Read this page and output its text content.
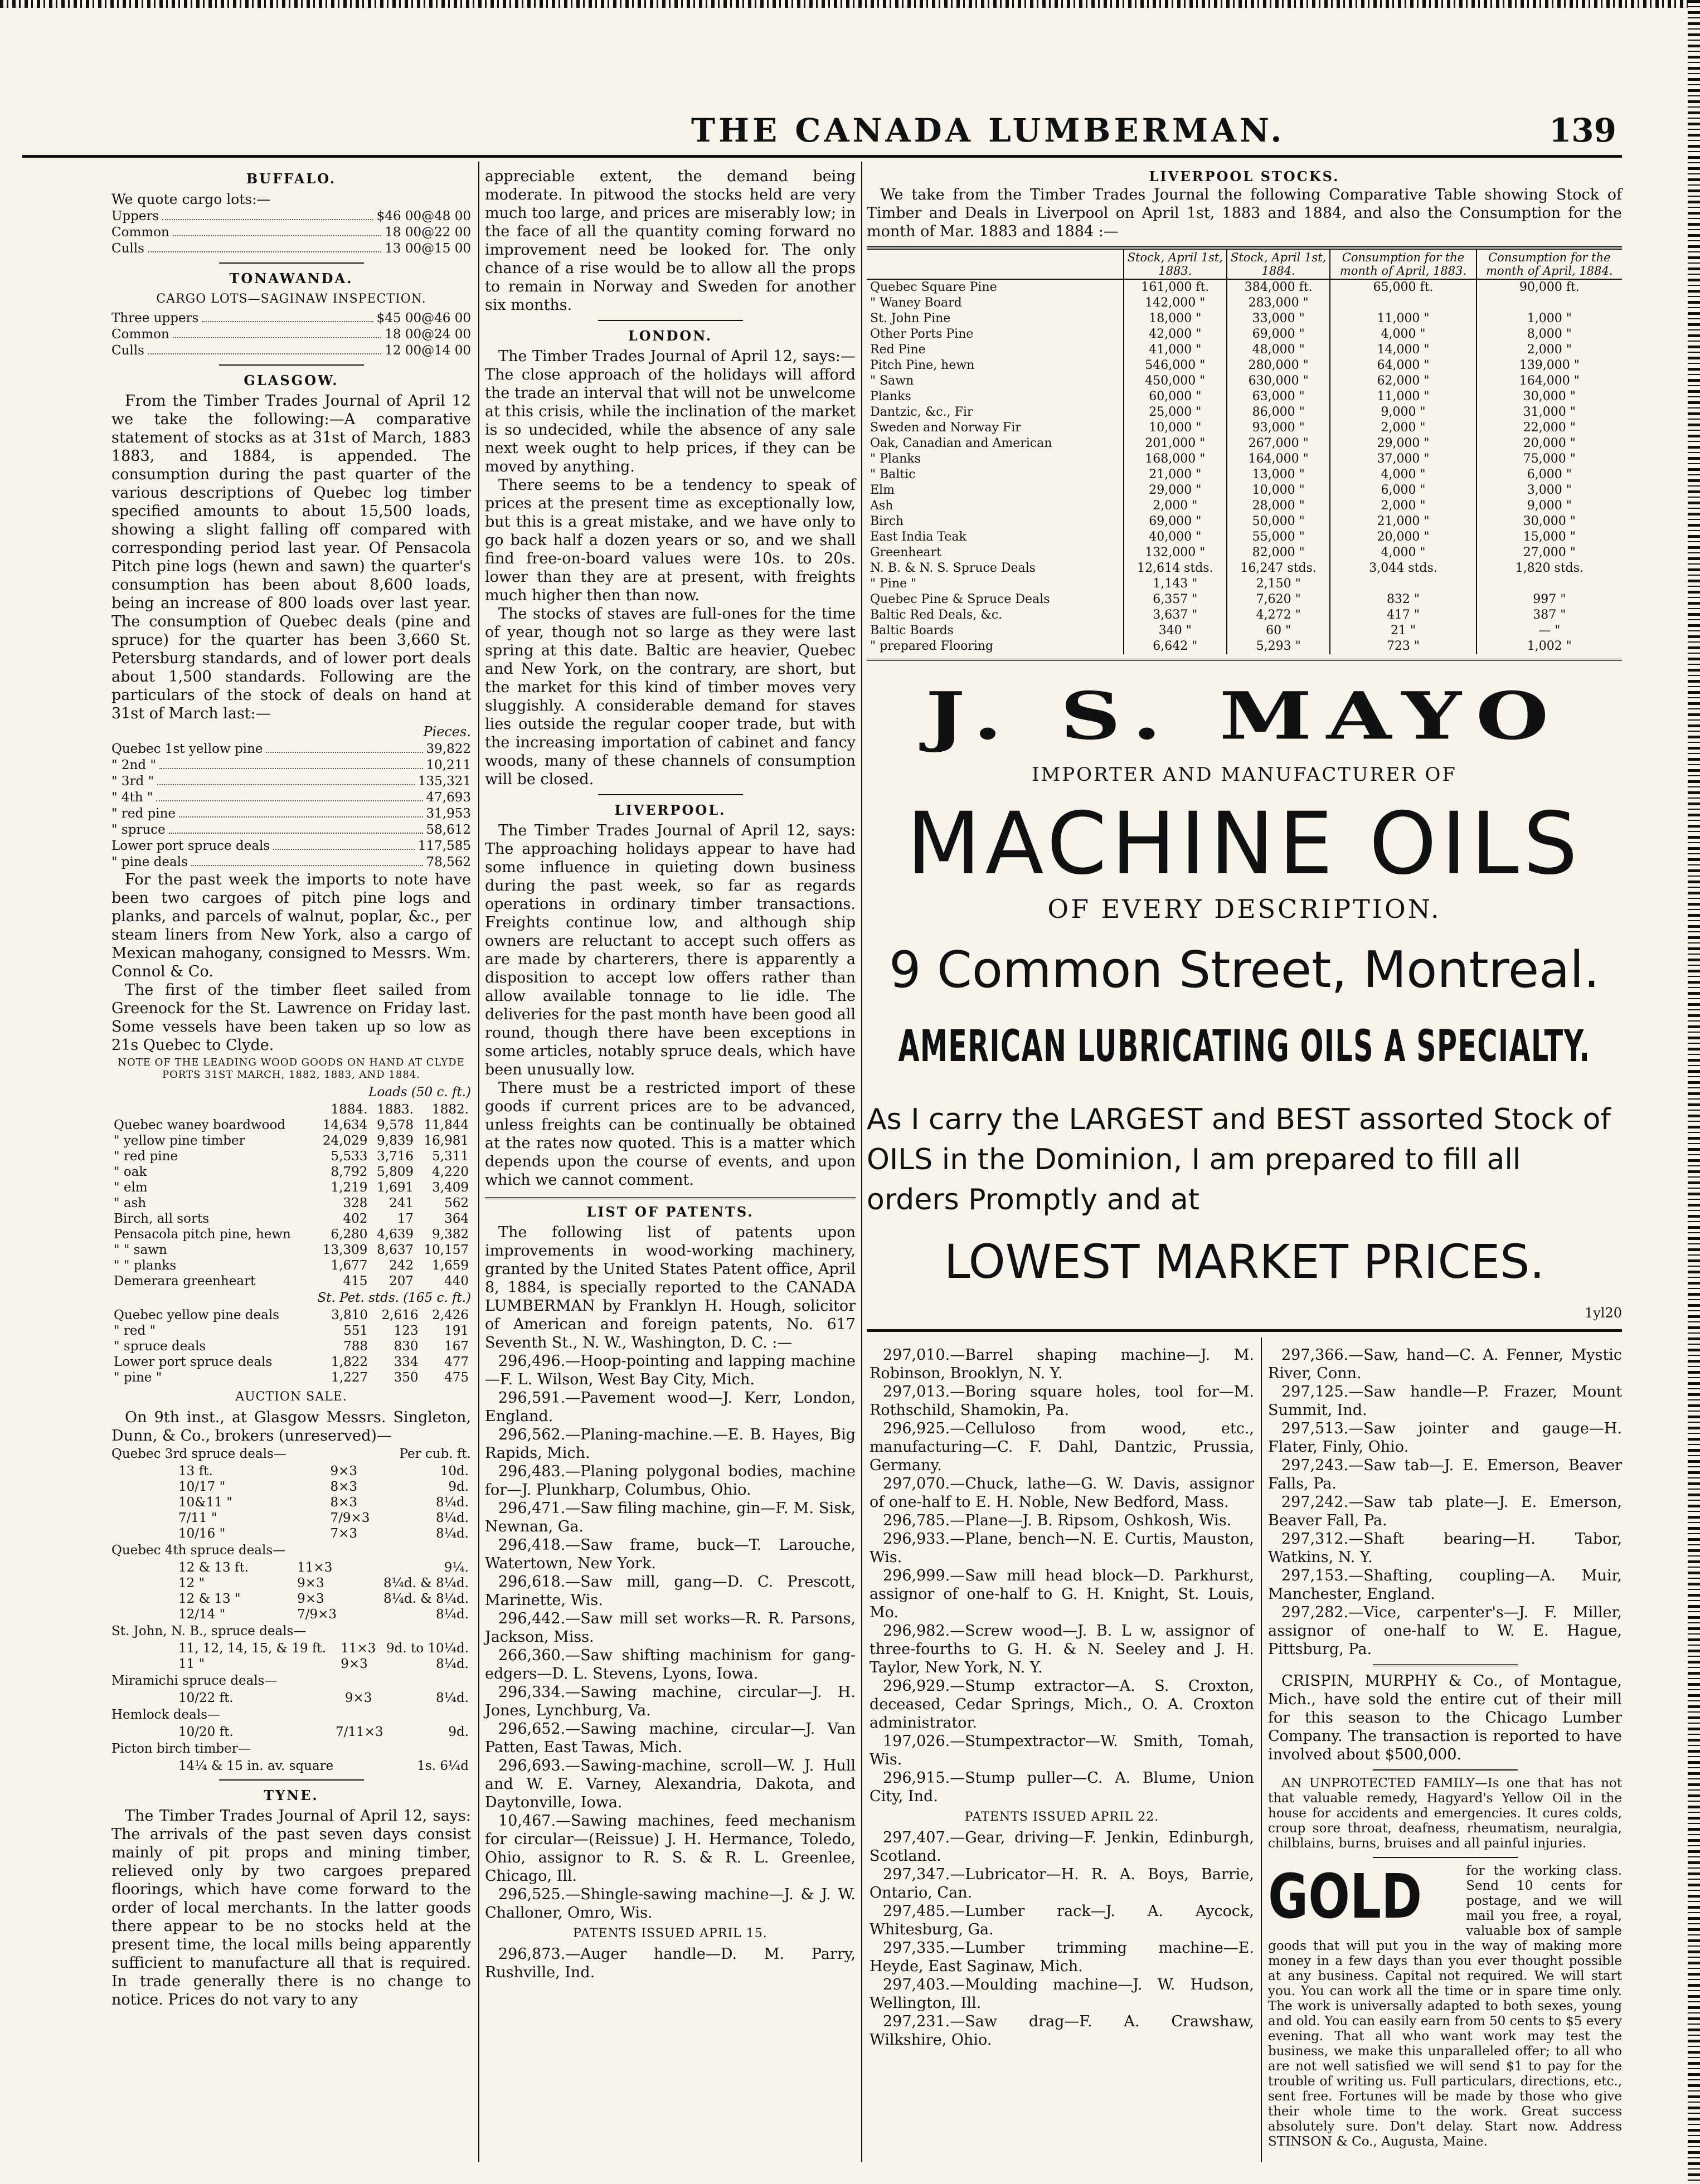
THE CANADA LUMBERMAN.	139
BUFFALO.
We quote cargo lots:—
Uppers	$46 00@48 00
Common	18 00@22 00
Culls	13 00@15 00
TONAWANDA.
CARGO LOTS—SAGINAW INSPECTION.
Three uppers	$45 00@46 00
Common	18 00@24 00
Culls	12 00@14 00
GLASGOW.

From the Timber Trades Journal of April 12 we take the following:—A comparative statement of stocks as at 31st of March, 1883 1883, and 1884, is appended. The consumption during the past quarter of the various descriptions of Quebec log timber specified amounts to about 15,500 loads, showing a slight falling off compared with corresponding period last year. Of Pensacola Pitch pine logs (hewn and sawn) the quarter's consumption has been about 8,600 loads, being an increase of 800 loads over last year. The consumption of Quebec deals (pine and spruce) for the quarter has been 3,660 St. Petersburg standards, and of lower port deals about 1,500 standards. Following are the particulars of the stock of deals on hand at 31st of March last:—

Pieces.
Quebec 1st yellow pine	39,822
" 2nd "	10,211
" 3rd "	135,321
" 4th "	47,693
" red pine	31,953
" spruce	58,612
Lower port spruce deals	117,585
" pine deals	78,562

For the past week the imports to note have been two cargoes of pitch pine logs and planks, and parcels of walnut, poplar, &c., per steam liners from New York, also a cargo of Mexican mahogany, consigned to Messrs. Wm. Connol & Co.

The first of the timber fleet sailed from Greenock for the St. Lawrence on Friday last. Some vessels have been taken up so low as 21s Quebec to Clyde.

NOTE OF THE LEADING WOOD GOODS ON HAND AT CLYDE PORTS 31ST MARCH, 1882, 1883, AND 1884.
Loads (50 c. ft.)
	1884.	1883.	1882.
Quebec waney boardwood	14,634	9,578	11,844
" yellow pine timber	24,029	9,839	16,981
" red pine	5,533	3,716	5,311
" oak	8,792	5,809	4,220
" elm	1,219	1,691	3,409
" ash	328	241	562
Birch, all sorts	402	17	364
Pensacola pitch pine, hewn	6,280	4,639	9,382
" " sawn	13,309	8,637	10,157
" " planks	1,677	242	1,659
Demerara greenheart	415	207	440
St. Pet. stds. (165 c. ft.)
Quebec yellow pine deals	3,810	2,616	2,426
" red "	551	123	191
" spruce deals	788	830	167
Lower port spruce deals	1,822	334	477
" pine "	1,227	350	475
AUCTION SALE.

On 9th inst., at Glasgow Messrs. Singleton, Dunn, & Co., brokers (unreserved)—

Quebec 3rd spruce deals—	Per cub. ft.
13 ft.	9×3	10d.
10/17 "	8×3	9d.
10&11 "	8×3	8¼d.
7/11 "	7/9×3	8¼d.
10/16 "	7×3	8¼d.
Quebec 4th spruce deals—
12 & 13 ft.	11×3	9¼.
12 "	9×3	8¼d. & 8¼d.
12 & 13 "	9×3	8¼d. & 8¼d.
12/14 "	7/9×3	8¼d.
St. John, N. B., spruce deals—
11, 12, 14, 15, & 19 ft.	11×3	9d. to 10¼d.
11 "	9×3	8¼d.
Miramichi spruce deals—
10/22 ft.	9×3	8¼d.
Hemlock deals—
10/20 ft.	7/11×3	9d.
Picton birch timber—
14¼ & 15 in. av. square		1s. 6¼d
TYNE.

The Timber Trades Journal of April 12, says: The arrivals of the past seven days consist mainly of pit props and mining timber, relieved only by two cargoes prepared floorings, which have come forward to the order of local merchants. In the latter goods there appear to be no stocks held at the present time, the local mills being apparently sufficient to manufacture all that is required. In trade generally there is no change to notice. Prices do not vary to any

appreciable extent, the demand being moderate. In pitwood the stocks held are very much too large, and prices are miserably low; in the face of all the quantity coming forward no improvement need be looked for. The only chance of a rise would be to allow all the props to remain in Norway and Sweden for another six months.

LONDON.

The Timber Trades Journal of April 12, says:—The close approach of the holidays will afford the trade an interval that will not be unwelcome at this crisis, while the inclination of the market is so undecided, while the absence of any sale next week ought to help prices, if they can be moved by anything.

There seems to be a tendency to speak of prices at the present time as exceptionally low, but this is a great mistake, and we have only to go back half a dozen years or so, and we shall find free-on-board values were 10s. to 20s. lower than they are at present, with freights much higher then than now.

The stocks of staves are full-ones for the time of year, though not so large as they were last spring at this date. Baltic are heavier, Quebec and New York, on the contrary, are short, but the market for this kind of timber moves very sluggishly. A considerable demand for staves lies outside the regular cooper trade, but with the increasing importation of cabinet and fancy woods, many of these channels of consumption will be closed.

LIVERPOOL.

The Timber Trades Journal of April 12, says: The approaching holidays appear to have had some influence in quieting down business during the past week, so far as regards operations in ordinary timber transactions. Freights continue low, and although ship owners are reluctant to accept such offers as are made by charterers, there is apparently a disposition to accept low offers rather than allow available tonnage to lie idle. The deliveries for the past month have been good all round, though there have been exceptions in some articles, notably spruce deals, which have been unusually low.

There must be a restricted import of these goods if current prices are to be advanced, unless freights can be continually be obtained at the rates now quoted. This is a matter which depends upon the course of events, and upon which we cannot comment.

LIST OF PATENTS.

The following list of patents upon improvements in wood-working machinery, granted by the United States Patent office, April 8, 1884, is specially reported to the CANADA LUMBERMAN by Franklyn H. Hough, solicitor of American and foreign patents, No. 617 Seventh St., N. W., Washington, D. C. :—

296,496.—Hoop-pointing and lapping machine—F. L. Wilson, West Bay City, Mich.

296,591.—Pavement wood—J. Kerr, London, England.

296,562.—Planing-machine.—E. B. Hayes, Big Rapids, Mich.

296,483.—Planing polygonal bodies, machine for—J. Plunkharp, Columbus, Ohio.

296,471.—Saw filing machine, gin—F. M. Sisk, Newnan, Ga.

296,418.—Saw frame, buck—T. Larouche, Watertown, New York.

296,618.—Saw mill, gang—D. C. Prescott, Marinette, Wis.

296,442.—Saw mill set works—R. R. Parsons, Jackson, Miss.

266,360.—Saw shifting machinism for gang-edgers—D. L. Stevens, Lyons, Iowa.

296,334.—Sawing machine, circular—J. H. Jones, Lynchburg, Va.

296,652.—Sawing machine, circular—J. Van Patten, East Tawas, Mich.

296,693.—Sawing-machine, scroll—W. J. Hull and W. E. Varney, Alexandria, Dakota, and Daytonville, Iowa.

10,467.—Sawing machines, feed mechanism for circular—(Reissue) J. H. Hermance, Toledo, Ohio, assignor to R. S. & R. L. Greenlee, Chicago, Ill.

296,525.—Shingle-sawing machine—J. & J. W. Challoner, Omro, Wis.

PATENTS ISSUED APRIL 15.

296,873.—Auger handle—D. M. Parry, Rushville, Ind.

LIVERPOOL STOCKS.

We take from the Timber Trades Journal the following Comparative Table showing Stock of Timber and Deals in Liverpool on April 1st, 1883 and 1884, and also the Consumption for the month of Mar. 1883 and 1884 :—

	Stock, April 1st, 1883.	Stock, April 1st, 1884.	Consumption for the month of April, 1883.	Consumption for the month of April, 1884.
Quebec Square Pine	161,000 ft.	384,000 ft.	65,000 ft.	90,000 ft.
" Waney Board	142,000 "	283,000 "		
St. John Pine	18,000 "	33,000 "	11,000 "	1,000 "
Other Ports Pine	42,000 "	69,000 "	4,000 "	8,000 "
Red Pine	41,000 "	48,000 "	14,000 "	2,000 "
Pitch Pine, hewn	546,000 "	280,000 "	64,000 "	139,000 "
" Sawn	450,000 "	630,000 "	62,000 "	164,000 "
Planks	60,000 "	63,000 "	11,000 "	30,000 "
Dantzic, &c., Fir	25,000 "	86,000 "	9,000 "	31,000 "
Sweden and Norway Fir	10,000 "	93,000 "	2,000 "	22,000 "
Oak, Canadian and American	201,000 "	267,000 "	29,000 "	20,000 "
" Planks	168,000 "	164,000 "	37,000 "	75,000 "
" Baltic	21,000 "	13,000 "	4,000 "	6,000 "
Elm	29,000 "	10,000 "	6,000 "	3,000 "
Ash	2,000 "	28,000 "	2,000 "	9,000 "
Birch	69,000 "	50,000 "	21,000 "	30,000 "
East India Teak	40,000 "	55,000 "	20,000 "	15,000 "
Greenheart	132,000 "	82,000 "	4,000 "	27,000 "
N. B. & N. S. Spruce Deals	12,614 stds.	16,247 stds.	3,044 stds.	1,820 stds.
" Pine "	1,143 "	2,150 "		
Quebec Pine & Spruce Deals	6,357 "	7,620 "	832 "	997 "
Baltic Red Deals, &c.	3,637 "	4,272 "	417 "	387 "
Baltic Boards	340 "	60 "	21 "	— "
" prepared Flooring	6,642 "	5,293 "	723 "	1,002 "
J. S. MAYO
IMPORTER AND MANUFACTURER OF
MACHINE OILS
OF EVERY DESCRIPTION.
9 Common Street, Montreal.
AMERICAN LUBRICATING OILS A SPECIALTY.
As I carry the LARGEST and BEST assorted Stock of OILS in the Dominion, I am prepared to fill all orders Promptly and at
LOWEST MARKET PRICES.
1yl20

297,010.—Barrel shaping machine—J. M. Robinson, Brooklyn, N. Y.

297,013.—Boring square holes, tool for—M. Rothschild, Shamokin, Pa.

296,925.—Celluloso from wood, etc., manufacturing—C. F. Dahl, Dantzic, Prussia, Germany.

297,070.—Chuck, lathe—G. W. Davis, assignor of one-half to E. H. Noble, New Bedford, Mass.

296,785.—Plane—J. B. Ripsom, Oshkosh, Wis.

296,933.—Plane, bench—N. E. Curtis, Mauston, Wis.

296,999.—Saw mill head block—D. Parkhurst, assignor of one-half to G. H. Knight, St. Louis, Mo.

296,982.—Screw wood—J. B. L w, assignor of three-fourths to G. H. & N. Seeley and J. H. Taylor, New York, N. Y.

296,929.—Stump extractor—A. S. Croxton, deceased, Cedar Springs, Mich., O. A. Croxton administrator.

197,026.—Stumpextractor—W. Smith, Tomah, Wis.

296,915.—Stump puller—C. A. Blume, Union City, Ind.

PATENTS ISSUED APRIL 22.

297,407.—Gear, driving—F. Jenkin, Edinburgh, Scotland.

297,347.—Lubricator—H. R. A. Boys, Barrie, Ontario, Can.

297,485.—Lumber rack—J. A. Aycock, Whitesburg, Ga.

297,335.—Lumber trimming machine—E. Heyde, East Saginaw, Mich.

297,403.—Moulding machine—J. W. Hudson, Wellington, Ill.

297,231.—Saw drag—F. A. Crawshaw, Wilkshire, Ohio.

297,366.—Saw, hand—C. A. Fenner, Mystic River, Conn.

297,125.—Saw handle—P. Frazer, Mount Summit, Ind.

297,513.—Saw jointer and gauge—H. Flater, Finly, Ohio.

297,243.—Saw tab—J. E. Emerson, Beaver Falls, Pa.

297,242.—Saw tab plate—J. E. Emerson, Beaver Fall, Pa.

297,312.—Shaft bearing—H. Tabor, Watkins, N. Y.

297,153.—Shafting, coupling—A. Muir, Manchester, England.

297,282.—Vice, carpenter's—J. F. Miller, assignor of one-half to W. E. Hague, Pittsburg, Pa.

CRISPIN, MURPHY & Co., of Montague, Mich., have sold the entire cut of their mill for this season to the Chicago Lumber Company. The transaction is reported to have involved about $500,000.

AN UNPROTECTED FAMILY—Is one that has not that valuable remedy, Hagyard's Yellow Oil in the house for accidents and emergencies. It cures colds, croup sore throat, deafness, rheumatism, neuralgia, chilblains, burns, bruises and all painful injuries.

GOLD	for the working class. Send 10 cents for postage, and we will mail you free, a royal, valuable box of sample goods that will put you in the way of making more money in a few days than you ever thought possible at any business. Capital not required. We will start you. You can work all the time or in spare time only. The work is universally adapted to both sexes, young and old. You can easily earn from 50 cents to $5 every evening. That all who want work may test the business, we make this unparalleled offer; to all who are not well satisfied we will send $1 to pay for the trouble of writing us. Full particulars, directions, etc., sent free. Fortunes will be made by those who give their whole time to the work. Great success absolutely sure. Don't delay. Start now. Address STINSON & Co., Augusta, Maine.
